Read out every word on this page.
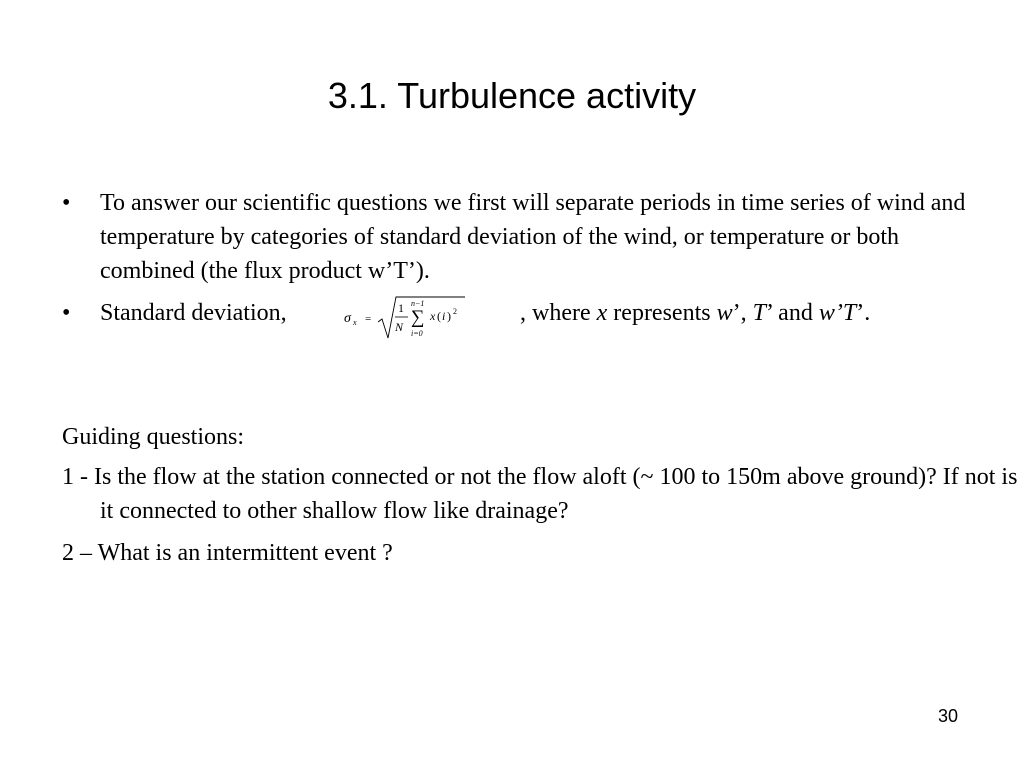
3.1. Turbulence activity
• To answer our scientific questions we first will separate periods in time series of wind and temperature by categories of standard deviation of the wind, or temperature or both combined (the flux product w’T’).
• Standard deviation,	σ x =
1
N
n−1
∑
i=0
x ( i ) 2	, where x represents w’, T’ and w’T’.
Guiding questions:
1 - Is the flow at the station connected or not the flow aloft (~ 100 to 150m above ground)? If not is it connected to other shallow flow like drainage?
2 – What is an intermittent event ?
30
